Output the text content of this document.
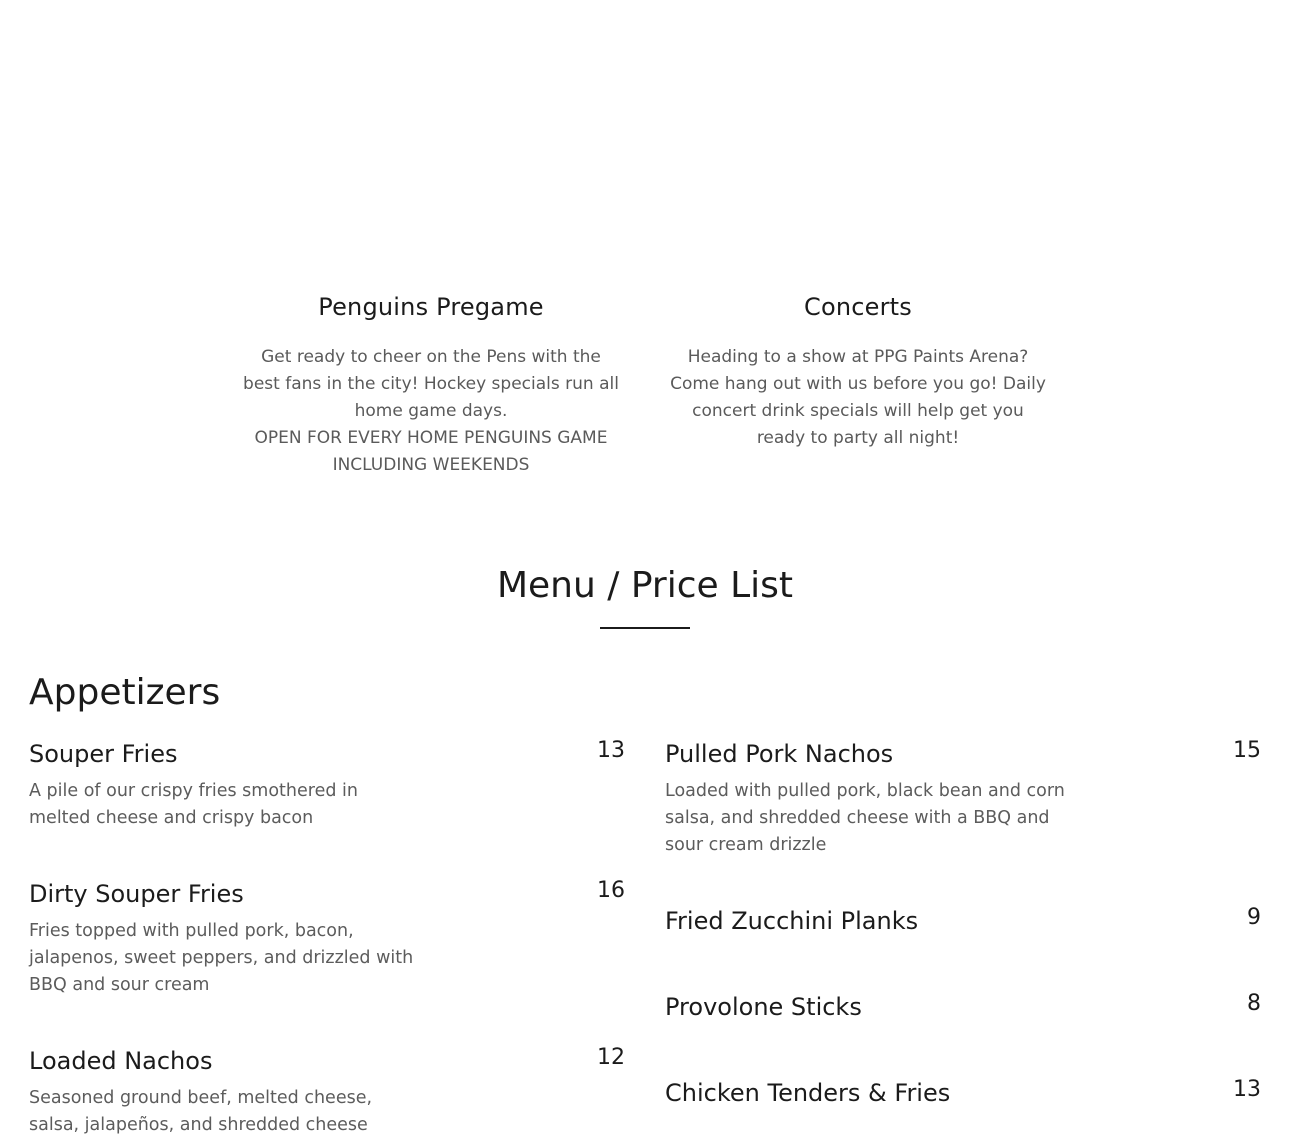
Penguins Pregame

Get ready to cheer on the Pens with the best fans in the city! Hockey specials run all home game days.
OPEN FOR EVERY HOME PENGUINS GAME INCLUDING WEEKENDS

Concerts

Heading to a show at PPG Paints Arena? Come hang out with us before you go! Daily concert drink specials will help get you ready to party all night!

Menu / Price List
Appetizers
Souper Fries	13
A pile of our crispy fries smothered in melted cheese and crispy bacon
Dirty Souper Fries	16
Fries topped with pulled pork, bacon, jalapenos, sweet peppers, and drizzled with BBQ and sour cream
Loaded Nachos	12
Seasoned ground beef, melted cheese, salsa, jalapeños, and shredded cheese
Pulled Pork Nachos	15
Loaded with pulled pork, black bean and corn salsa, and shredded cheese with a BBQ and sour cream drizzle
Fried Zucchini Planks	9
Provolone Sticks	8
Chicken Tenders & Fries	13
